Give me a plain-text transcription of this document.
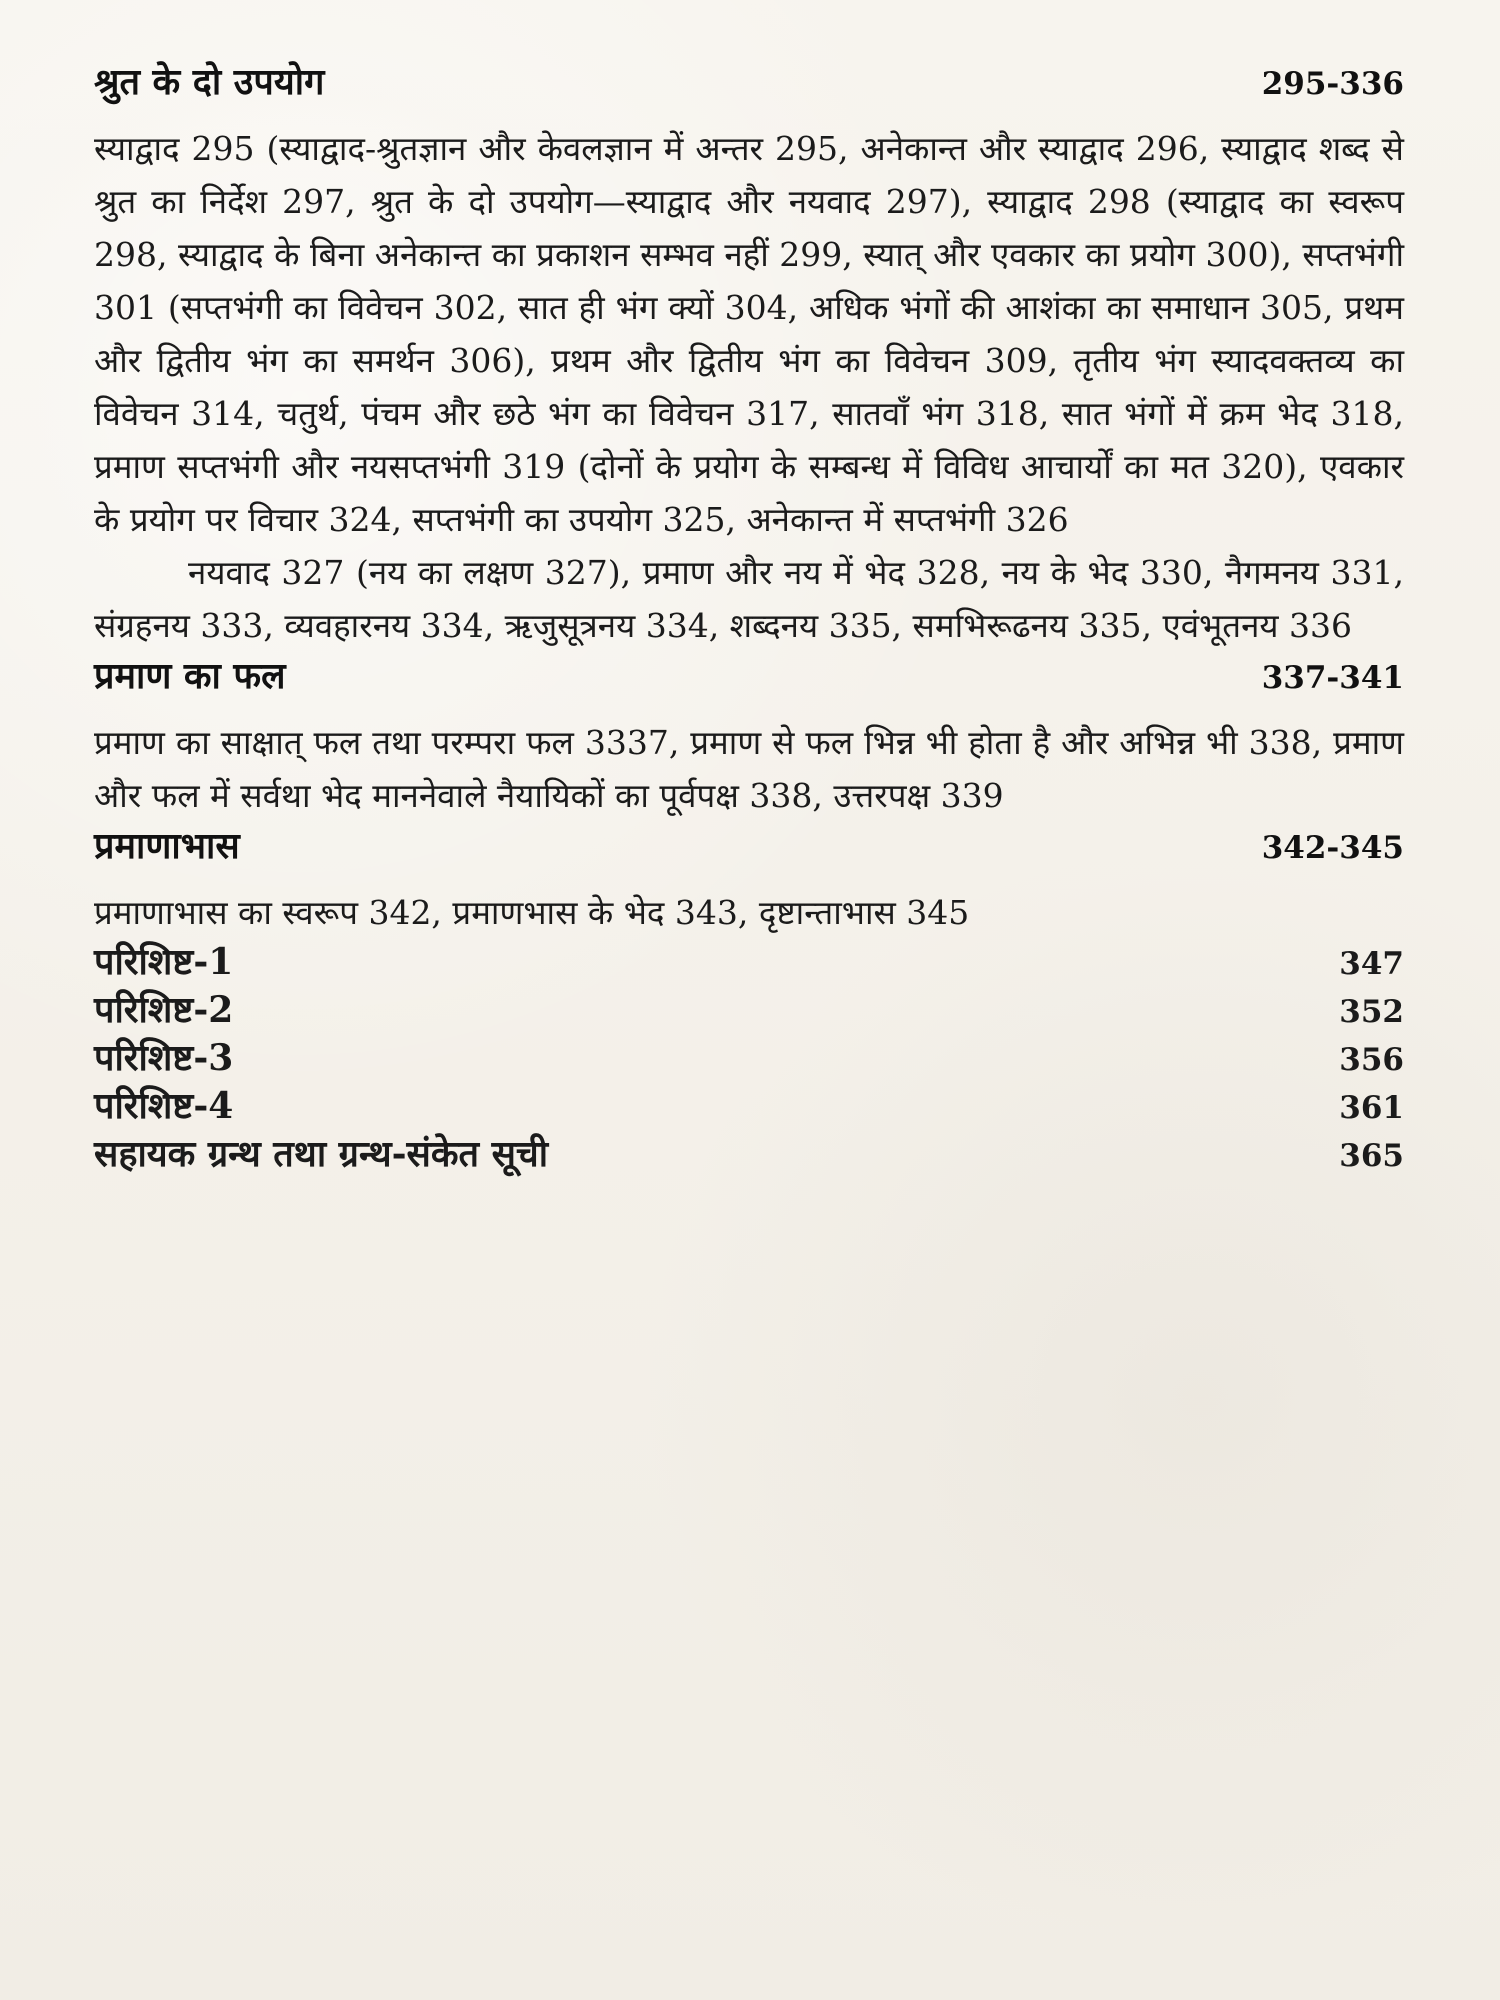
श्रुत के दो उपयोग	295-336

स्याद्वाद 295 (स्याद्वाद-श्रुतज्ञान और केवलज्ञान में अन्तर 295, अनेकान्त और स्याद्वाद 296, स्याद्वाद शब्द से श्रुत का निर्देश 297, श्रुत के दो उपयोग—स्याद्वाद और नयवाद 297), स्याद्वाद 298 (स्याद्वाद का स्वरूप 298, स्याद्वाद के बिना अनेकान्त का प्रकाशन सम्भव नहीं 299, स्यात् और एवकार का प्रयोग 300), सप्तभंगी 301 (सप्तभंगी का विवेचन 302, सात ही भंग क्यों 304, अधिक भंगों की आशंका का समाधान 305, प्रथम और द्वितीय भंग का समर्थन 306), प्रथम और द्वितीय भंग का विवेचन 309, तृतीय भंग स्यादवक्तव्य का विवेचन 314, चतुर्थ, पंचम और छठे भंग का विवेचन 317, सातवाँ भंग 318, सात भंगों में क्रम भेद 318, प्रमाण सप्तभंगी और नयसप्तभंगी 319 (दोनों के प्रयोग के सम्बन्ध में विविध आचार्यों का मत 320), एवकार के प्रयोग पर विचार 324, सप्तभंगी का उपयोग 325, अनेकान्त में सप्तभंगी 326

नयवाद 327 (नय का लक्षण 327), प्रमाण और नय में भेद 328, नय के भेद 330, नैगमनय 331, संग्रहनय 333, व्यवहारनय 334, ऋजुसूत्रनय 334, शब्दनय 335, समभिरूढनय 335, एवंभूतनय 336

प्रमाण का फल	337-341

प्रमाण का साक्षात् फल तथा परम्परा फल 3337, प्रमाण से फल भिन्न भी होता है और अभिन्न भी 338, प्रमाण और फल में सर्वथा भेद माननेवाले नैयायिकों का पूर्वपक्ष 338, उत्तरपक्ष 339

प्रमाणाभास	342-345

प्रमाणाभास का स्वरूप 342, प्रमाणभास के भेद 343, दृष्टान्ताभास 345

परिशिष्ट-1	347
परिशिष्ट-2	352
परिशिष्ट-3	356
परिशिष्ट-4	361
सहायक ग्रन्थ तथा ग्रन्थ-संकेत सूची	365
